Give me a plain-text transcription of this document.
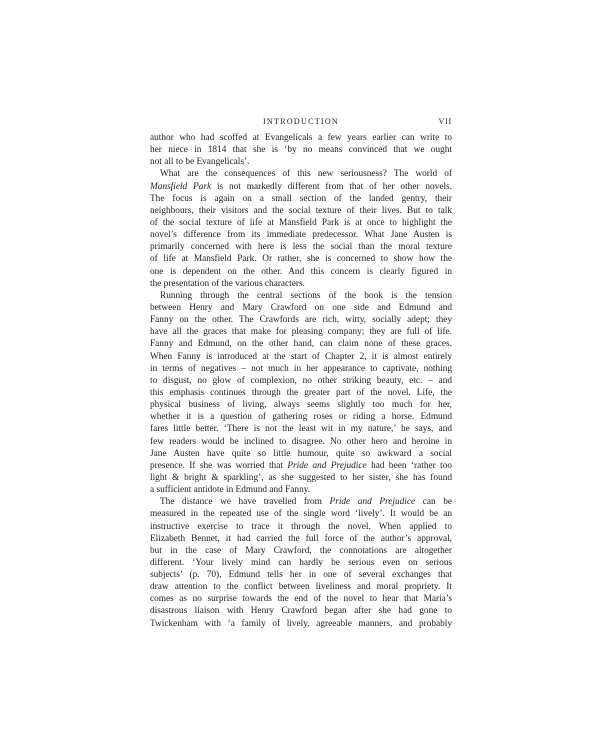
INTRODUCTION	VII
author who had scoffed at Evangelicals a few years earlier can write to
her niece in 1814 that she is ‘by no means convinced that we ought
not all to be Evangelicals’.
What are the consequences of this new seriousness? The world of
Mansfield Park is not markedly different from that of her other novels.
The focus is again on a small section of the landed gentry, their
neighbours, their visitors and the social texture of their lives. But to talk
of the social texture of life at Mansfield Park is at once to highlight the
novel’s difference from its immediate predecessor. What Jane Austen is
primarily concerned with here is less the social than the moral texture
of life at Mansfield Park. Or rather, she is concerned to show how the
one is dependent on the other. And this concern is clearly figured in
the presentation of the various characters.
Running through the central sections of the book is the tension
between Henry and Mary Crawford on one side and Edmund and
Fanny on the other. The Crawfords are rich, witty, socially adept; they
have all the graces that make for pleasing company; they are full of life.
Fanny and Edmund, on the other hand, can claim none of these graces.
When Fanny is introduced at the start of Chapter 2, it is almost entirely
in terms of negatives – not much in her appearance to captivate, nothing
to disgust, no glow of complexion, no other striking beauty, etc. – and
this emphasis continues through the greater part of the novel. Life, the
physical business of living, always seems slightly too much for her,
whether it is a question of gathering roses or riding a horse. Edmund
fares little better. ‘There is not the least wit in my nature,’ he says, and
few readers would be inclined to disagree. No other hero and heroine in
Jane Austen have quite so little humour, quite so awkward a social
presence. If she was worried that Pride and Prejudice had been ‘rather too
light & bright & sparkling’, as she suggested to her sister, she has found
a sufficient antidote in Edmund and Fanny.
The distance we have travelled from Pride and Prejudice can be
measured in the repeated use of the single word ‘lively’. It would be an
instructive exercise to trace it through the novel. When applied to
Elizabeth Bennet, it had carried the full force of the author’s approval,
but in the case of Mary Crawford, the connotations are altogether
different. ‘Your lively mind can hardly be serious even on serious
subjects’ (p. 70), Edmund tells her in one of several exchanges that
draw attention to the conflict between liveliness and moral propriety. It
comes as no surprise towards the end of the novel to hear that Maria’s
disastrous liaison with Henry Crawford began after she had gone to
Twickenham with ‘a family of lively, agreeable manners, and probably
